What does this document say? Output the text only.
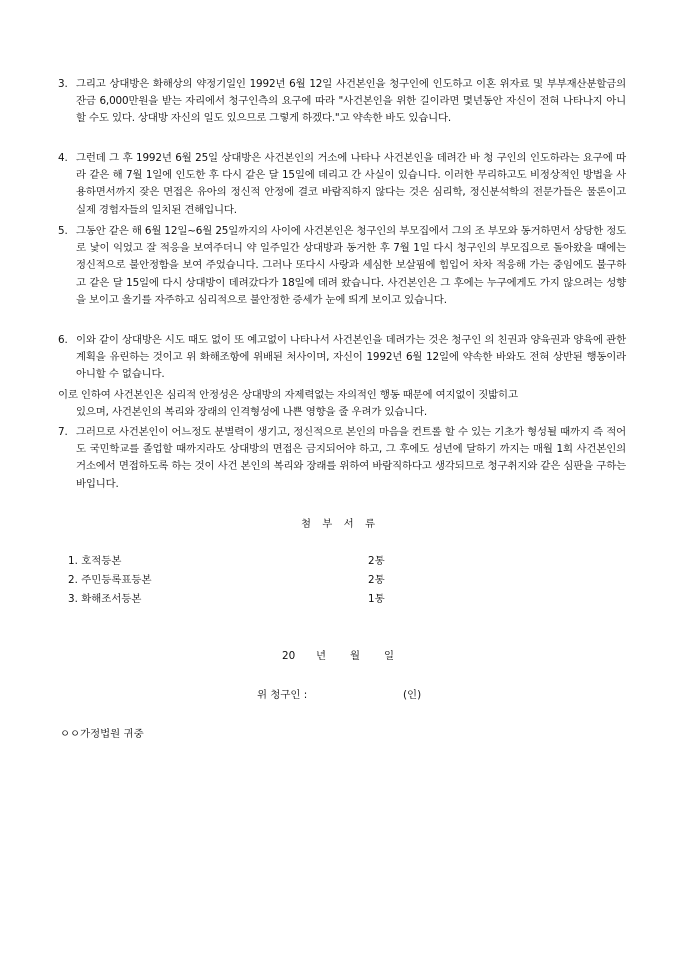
3. 그리고 상대방은 화해상의 약정기일인 1992년 6월 12일 사건본인을 청구인에 인도하고 이혼 위자료 및 부부재산분할금의 잔금 6,000만원을 받는 자리에서 청구인측의 요구에 따라 "사건본인을 위한 길이라면 몇년동안 자신이 전혀 나타나지 아니할 수도 있다. 상대방 자신의 일도 있으므로 그렇게 하겠다."고 약속한 바도 있습니다.
4. 그런데 그 후 1992년 6월 25일 상대방은 사건본인의 거소에 나타나 사건본인을 데려간 바 청 구인의 인도하라는 요구에 따라 같은 해 7월 1일에 인도한 후 다시 같은 달 15일에 데리고 간 사실이 있습니다. 이러한 무리하고도 비정상적인 방법을 사용하면서까지 잦은 면접은 유아의 정신적 안정에 결코 바람직하지 않다는 것은 심리학, 정신분석학의 전문가들은 물론이고 실제 경험자들의 일치된 견해입니다.
5. 그동안 같은 해 6월 12일~6월 25일까지의 사이에 사건본인은 청구인의 부모집에서 그의 조 부모와 동거하면서 상당한 정도로 낯이 익었고 잘 적응을 보여주더니 약 일주일간 상대방과 동거한 후 7월 1일 다시 청구인의 부모집으로 돌아왔을 때에는 정신적으로 불안정함을 보여 주었습니다. 그러나 또다시 사랑과 세심한 보살핌에 힘입어 차차 적응해 가는 중임에도 불구하고 같은 달 15일에 다시 상대방이 데려갔다가 18일에 데려 왔습니다. 사건본인은 그 후에는 누구에게도 가지 않으려는 성향을 보이고 울기를 자주하고 심리적으로 불안정한 증세가 눈에 띄게 보이고 있습니다.
6. 이와 같이 상대방은 시도 때도 없이 또 예고없이 나타나서 사건본인을 데려가는 것은 청구인 의 친권과 양육권과 양육에 관한 계획을 유린하는 것이고 위 화해조항에 위배된 처사이며, 자신이 1992년 6월 12일에 약속한 바와도 전혀 상반된 행동이라 아니할 수 없습니다.
이로 인하여 사건본인은 심리적 안정성은 상대방의 자제력없는 자의적인 행동 때문에 여지없이 짓밟히고
있으며, 사건본인의 복리와 장래의 인격형성에 나쁜 영향을 줄 우려가 있습니다.
7. 그러므로 사건본인이 어느정도 분별력이 생기고, 정신적으로 본인의 마음을 컨트롤 할 수 있는 기초가 형성될 때까지 즉 적어도 국민학교를 졸업할 때까지라도 상대방의 면접은 금지되어야 하고, 그 후에도 성년에 달하기 까지는 매월 1회 사건본인의 거소에서 면접하도록 하는 것이 사건 본인의 복리와 장래를 위하여 바람직하다고 생각되므로 청구취지와 같은 심판을 구하는 바입니다.
첨 부 서 류
1. 호적등본	2통
2. 주민등록표등본	2통
3. 화해조서등본	1통
20 년 월 일
위 청구인 :	(인)
ㅇㅇ가정법원 귀중
